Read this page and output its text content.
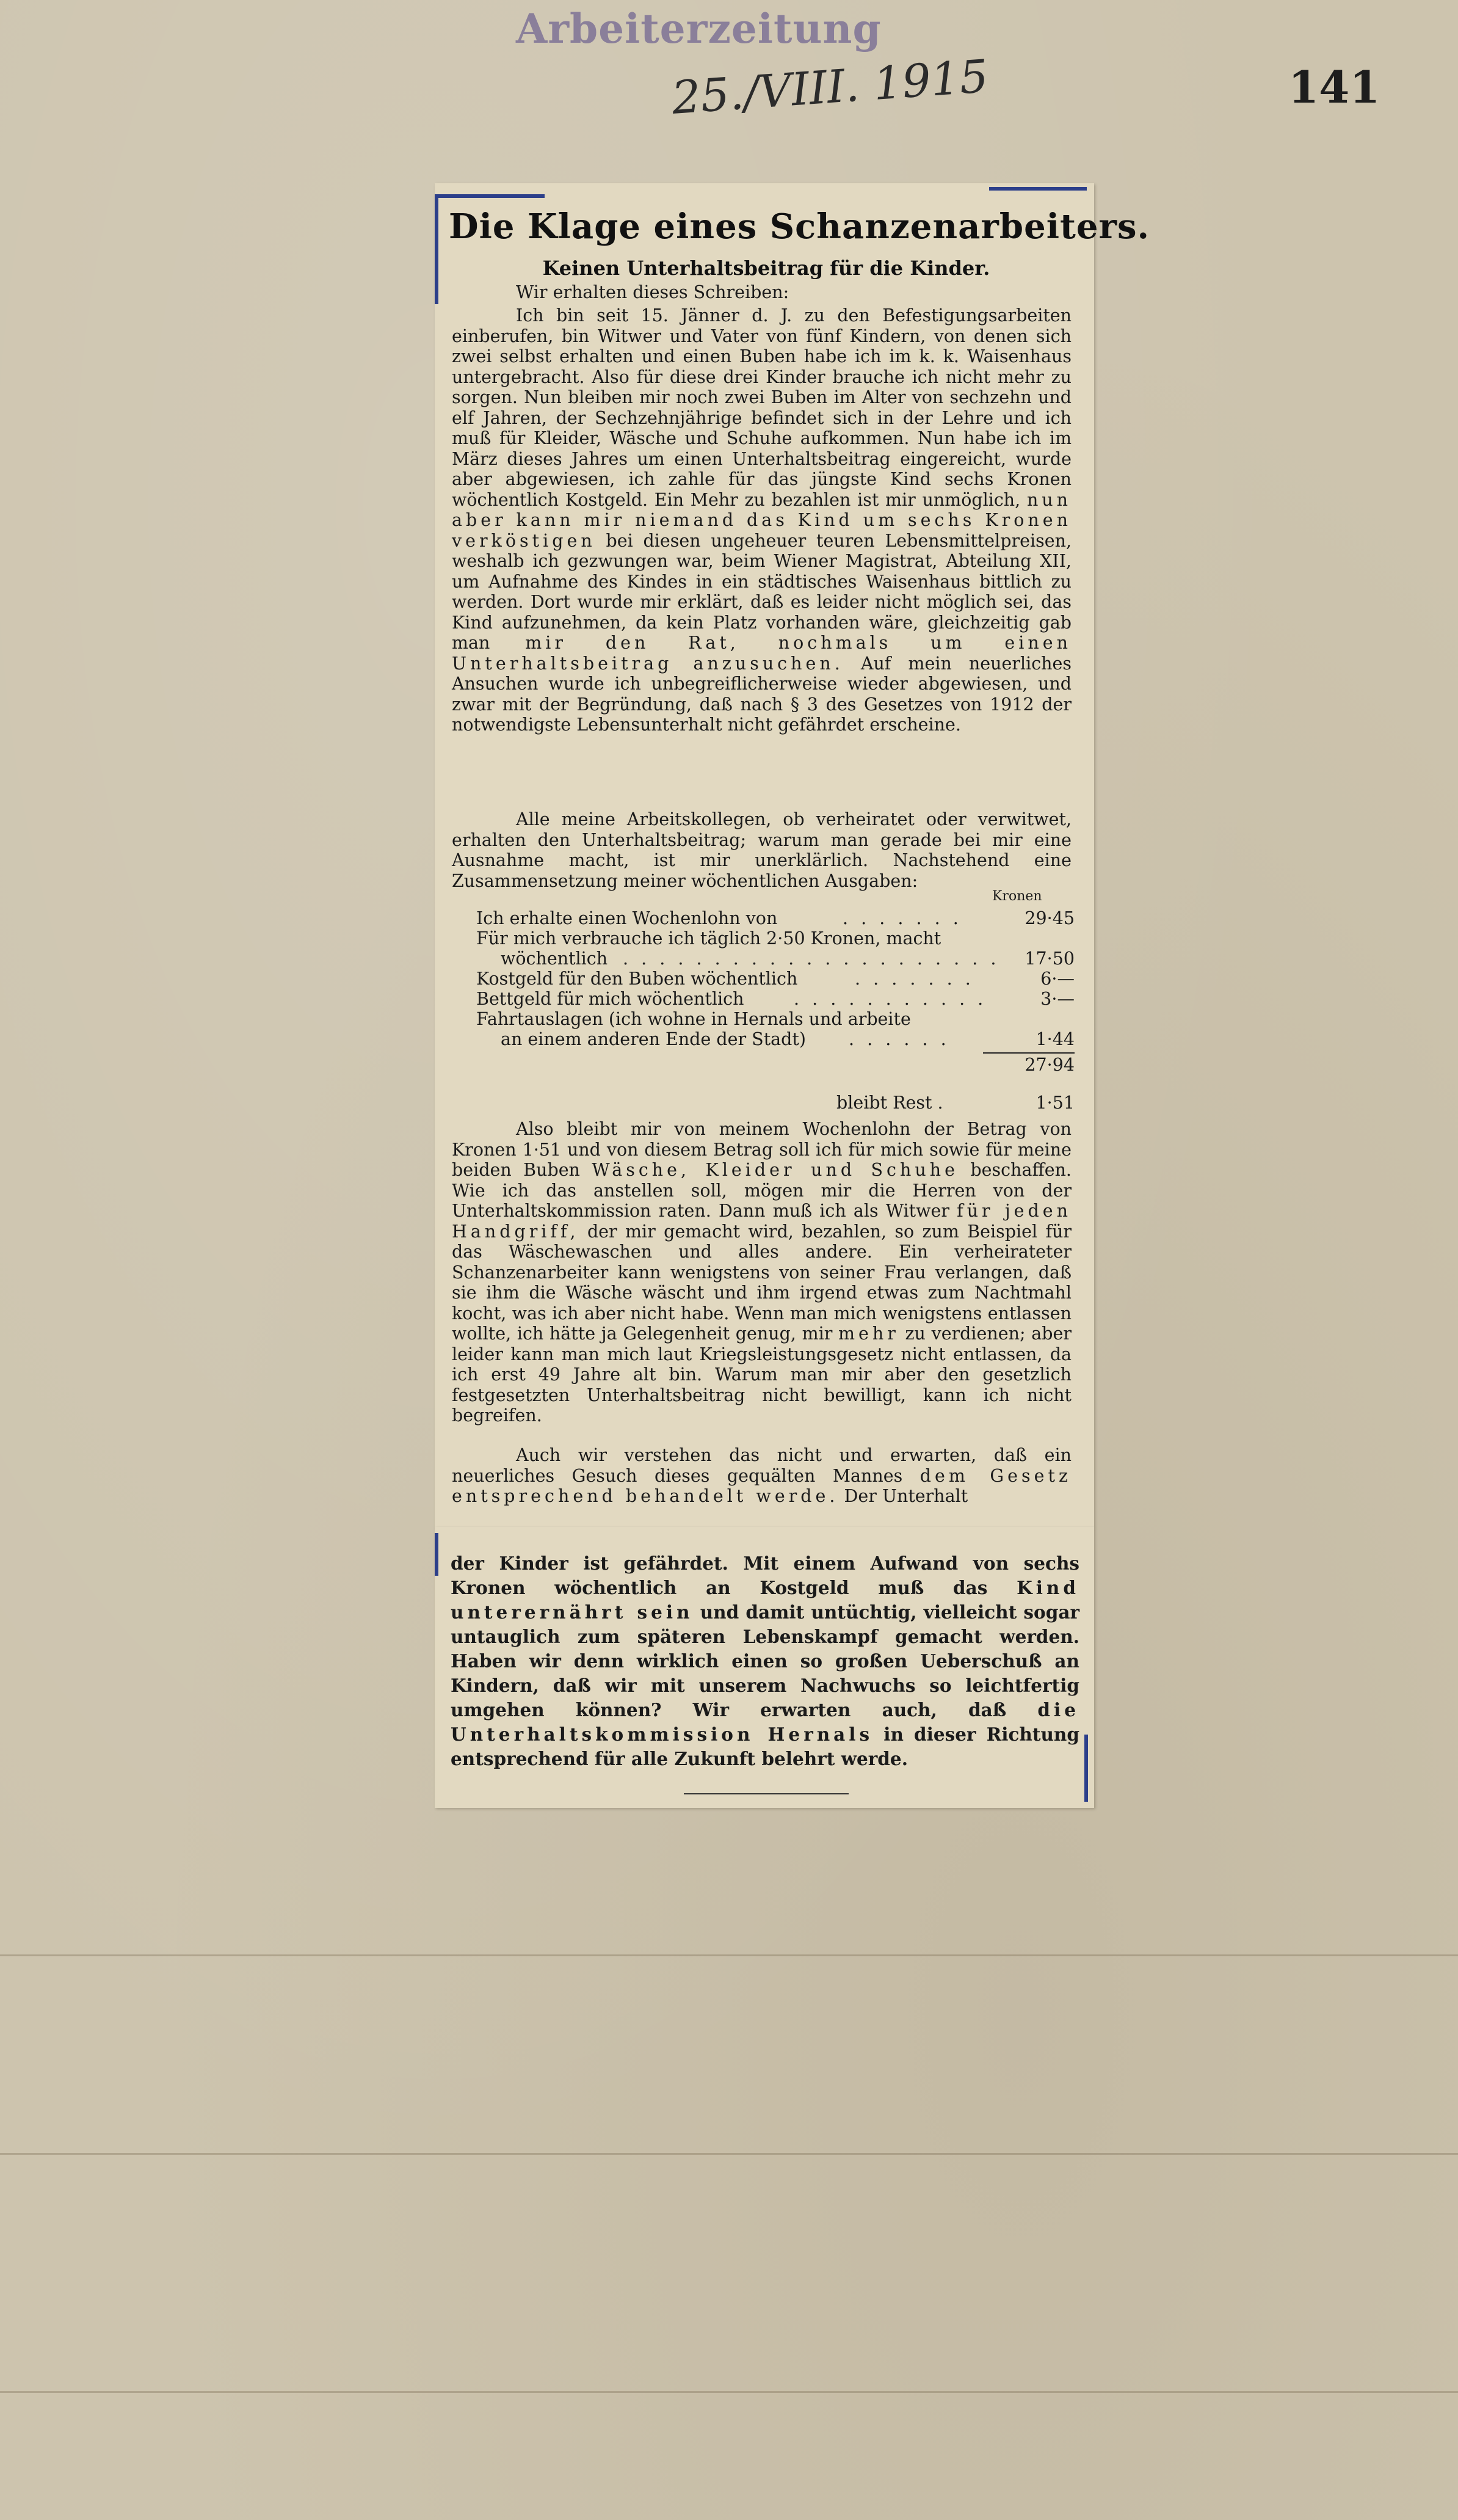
Arbeiterzeitung
25./VIII. 1915	141
Die Klage eines Schanzenarbeiters.
Keinen Unterhaltsbeitrag für die Kinder.
Wir erhalten dieses Schreiben:

Ich bin seit 15. Jänner d. J. zu den Befestigungsarbeiten einberufen, bin Witwer und Vater von fünf Kindern, von denen sich zwei selbst erhalten und einen Buben habe ich im k. k. Waisenhaus untergebracht. Also für diese drei Kinder brauche ich nicht mehr zu sorgen. Nun bleiben mir noch zwei Buben im Alter von sechzehn und elf Jahren, der Sechzehnjährige befindet sich in der Lehre und ich muß für Kleider, Wäsche und Schuhe aufkommen. Nun habe ich im März dieses Jahres um einen Unterhaltsbeitrag eingereicht, wurde aber abgewiesen, ich zahle für das jüngste Kind sechs Kronen wöchentlich Kostgeld. Ein Mehr zu bezahlen ist mir unmöglich, nun aber kann mir niemand das Kind um sechs Kronen verköstigen bei diesen ungeheuer teuren Lebensmittelpreisen, weshalb ich gezwungen war, beim Wiener Magistrat, Abteilung XII, um Aufnahme des Kindes in ein städtisches Waisenhaus bittlich zu werden. Dort wurde mir erklärt, daß es leider nicht möglich sei, das Kind aufzunehmen, da kein Platz vorhanden wäre, gleichzeitig gab man mir den Rat, nochmals um einen Unterhaltsbeitrag anzusuchen. Auf mein neuerliches Ansuchen wurde ich unbegreiflicherweise wieder abgewiesen, und zwar mit der Begründung, daß nach § 3 des Gesetzes von 1912 der notwendigste Lebensunterhalt nicht gefährdet erscheine.

Alle meine Arbeitskollegen, ob verheiratet oder verwitwet, erhalten den Unterhaltsbeitrag; warum man gerade bei mir eine Ausnahme macht, ist mir unerklärlich. Nachstehend eine Zusammensetzung meiner wöchentlichen Ausgaben:

Kronen
Ich erhalte einen Wochenlohn von	. . . . . . .	29·45
Für mich verbrauche ich täglich 2·50 Kronen, macht
wöchentlich . . . . . . . . . . . . . . . . . . . . .	17·50
Kostgeld für den Buben wöchentlich	. . . . . . .	6·—
Bettgeld für mich wöchentlich	. . . . . . . . . . .	3·—
Fahrtauslagen (ich wohne in Hernals und arbeite
an einem anderen Ende der Stadt) . . . . . .	1·44
27·94
bleibt Rest .	1·51

Also bleibt mir von meinem Wochenlohn der Betrag von Kronen 1·51 und von diesem Betrag soll ich für mich sowie für meine beiden Buben Wäsche, Kleider und Schuhe beschaffen. Wie ich das anstellen soll, mögen mir die Herren von der Unterhaltskommission raten. Dann muß ich als Witwer für jeden Handgriff, der mir gemacht wird, bezahlen, so zum Beispiel für das Wäschewaschen und alles andere. Ein verheirateter Schanzenarbeiter kann wenigstens von seiner Frau verlangen, daß sie ihm die Wäsche wäscht und ihm irgend etwas zum Nachtmahl kocht, was ich aber nicht habe. Wenn man mich wenigstens entlassen wollte, ich hätte ja Gelegenheit genug, mir mehr zu verdienen; aber leider kann man mich laut Kriegsleistungsgesetz nicht entlassen, da ich erst 49 Jahre alt bin. Warum man mir aber den gesetzlich festgesetzten Unterhaltsbeitrag nicht bewilligt, kann ich nicht begreifen.

Auch wir verstehen das nicht und erwarten, daß ein neuerliches Gesuch dieses gequälten Mannes dem Gesetz entsprechend behandelt werde. Der Unterhalt

der Kinder ist gefährdet. Mit einem Aufwand von sechs Kronen wöchentlich an Kostgeld muß das Kind unterernährt sein und damit untüchtig, vielleicht sogar untauglich zum späteren Lebenskampf gemacht werden. Haben wir denn wirklich einen so großen Ueberschuß an Kindern, daß wir mit unserem Nachwuchs so leichtfertig umgehen können? Wir erwarten auch, daß die Unterhaltskommission Hernals in dieser Richtung entsprechend für alle Zukunft belehrt werde.
